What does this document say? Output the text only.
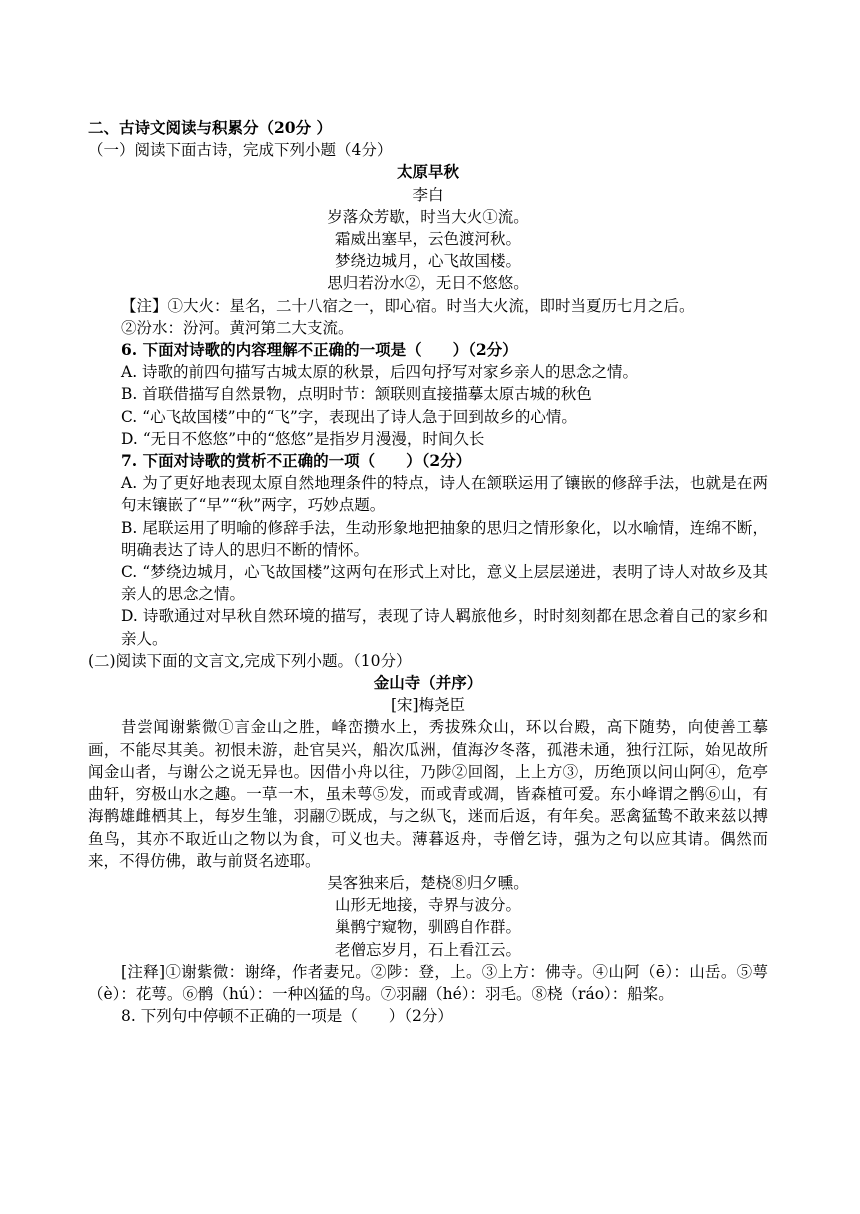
二、古诗文阅读与积累分（20分 ）
（一）阅读下面古诗，完成下列小题（4分）
太原早秋
李白
岁落众芳歇，时当大火①流。
霜威出塞早，云色渡河秋。
梦绕边城月，心飞故国楼。
思归若汾水②，无日不悠悠。
【注】①大火：星名，二十八宿之一，即心宿。时当大火流，即时当夏历七月之后。
②汾水：汾河。黄河第二大支流。
6. 下面对诗歌的内容理解不正确的一项是（　　）（2分）
A. 诗歌的前四句描写古城太原的秋景，后四句抒写对家乡亲人的思念之情。
B. 首联借描写自然景物，点明时节：颔联则直接描摹太原古城的秋色
C. “心飞故国楼”中的“飞”字，表现出了诗人急于回到故乡的心情。
D. “无日不悠悠”中的“悠悠”是指岁月漫漫，时间久长
7. 下面对诗歌的赏析不正确的一项（　　）（2分）
A. 为了更好地表现太原自然地理条件的特点，诗人在颔联运用了镶嵌的修辞手法，也就是在两句末镶嵌了“早”“秋”两字，巧妙点题。
B. 尾联运用了明喻的修辞手法，生动形象地把抽象的思归之情形象化，以水喻情，连绵不断，明确表达了诗人的思归不断的情怀。
C. “梦绕边城月，心飞故国楼”这两句在形式上对比，意义上层层递进，表明了诗人对故乡及其亲人的思念之情。
D. 诗歌通过对早秋自然环境的描写，表现了诗人羁旅他乡，时时刻刻都在思念着自己的家乡和亲人。
(二)阅读下面的文言文,完成下列小题。（10分）
金山寺（并序）
[宋]梅尧臣
昔尝闻谢紫微①言金山之胜，峰峦攒水上，秀拔殊众山，环以台殿，高下随势，向使善工摹画，不能尽其美。初恨未游，赴官吴兴，船次瓜洲，值海汐冬落，孤港未通，独行江际，始见故所闻金山者，与谢公之说无异也。因借小舟以往，乃陟②回阁，上上方③，历绝顶以问山阿④，危亭曲轩，穷极山水之趣。一草一木，虽未萼⑤发，而或青或凋，皆森植可爱。东小峰谓之鹘⑥山，有海鹘雄雌栖其上，每岁生雏，羽翮⑦既成，与之纵飞，迷而后返，有年矣。恶禽猛鸷不敢来兹以搏鱼鸟，其亦不取近山之物以为食，可义也夫。薄暮返舟，寺僧乞诗，强为之句以应其请。偶然而来，不得仿佛，敢与前贤名迹耶。
吴客独来后，楚桡⑧归夕曛。
山形无地接，寺界与波分。
巢鹘宁窥物，驯鸥自作群。
老僧忘岁月，石上看江云。
[注释]①谢紫微：谢绛，作者妻兄。②陟：登，上。③上方：佛寺。④山阿（ē）：山岳。⑤萼（è）：花萼。⑥鹘（hú）：一种凶猛的鸟。⑦羽翮（hé）：羽毛。⑧桡（ráo）：船桨。
8. 下列句中停顿不正确的一项是（　　）（2分）
